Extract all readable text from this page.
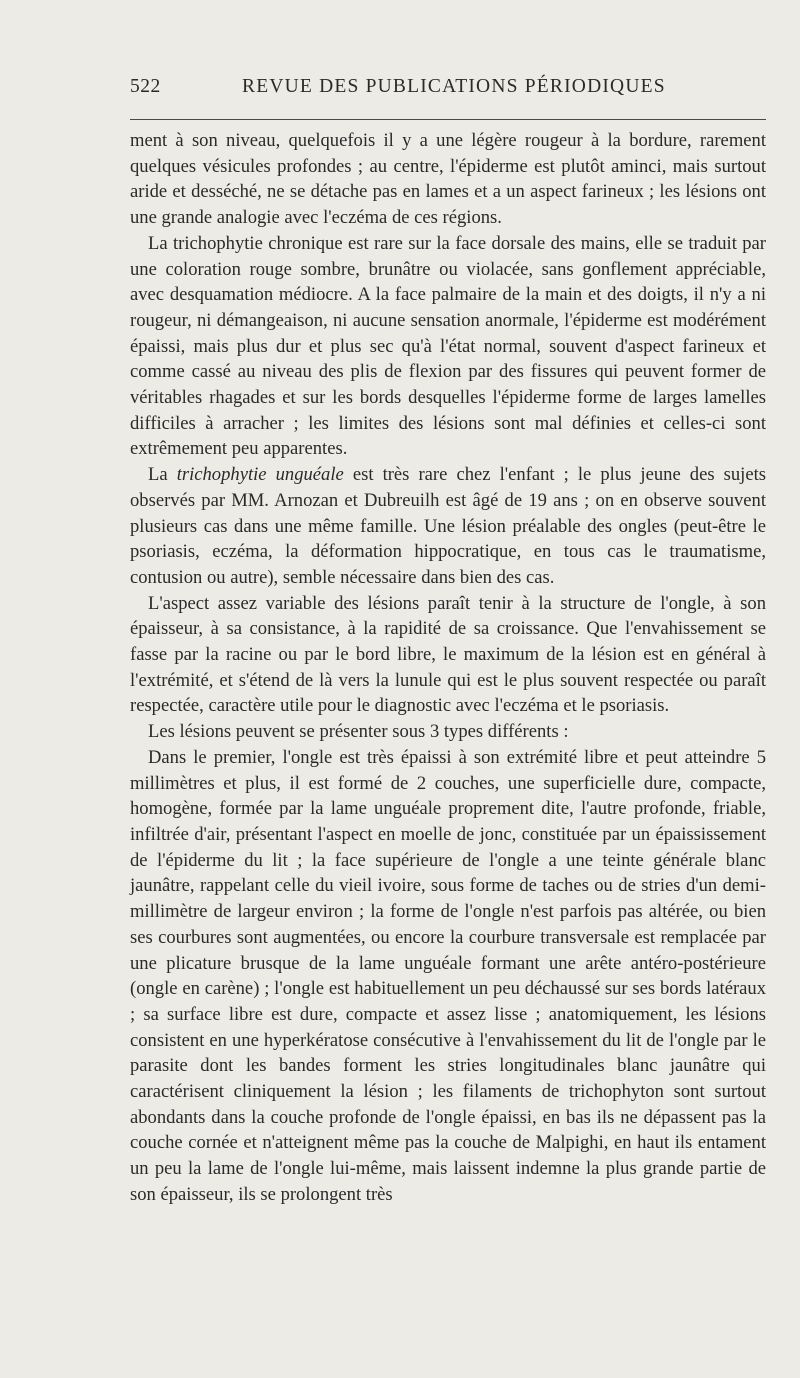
522	REVUE DES PUBLICATIONS PÉRIODIQUES

ment à son niveau, quelquefois il y a une légère rougeur à la bordure, rarement quelques vésicules profondes ; au centre, l'épiderme est plutôt aminci, mais surtout aride et desséché, ne se détache pas en lames et a un aspect farineux ; les lésions ont une grande analogie avec l'eczéma de ces régions.

La trichophytie chronique est rare sur la face dorsale des mains, elle se traduit par une coloration rouge sombre, brunâtre ou violacée, sans gonflement appréciable, avec desquamation médiocre. A la face palmaire de la main et des doigts, il n'y a ni rougeur, ni démangeaison, ni aucune sensation anormale, l'épiderme est modérément épaissi, mais plus dur et plus sec qu'à l'état normal, souvent d'aspect farineux et comme cassé au niveau des plis de flexion par des fissures qui peuvent former de véritables rhagades et sur les bords desquelles l'épiderme forme de larges lamelles difficiles à arracher ; les limites des lésions sont mal définies et celles-ci sont extrêmement peu apparentes.

La trichophytie unguéale est très rare chez l'enfant ; le plus jeune des sujets observés par MM. Arnozan et Dubreuilh est âgé de 19 ans ; on en observe souvent plusieurs cas dans une même famille. Une lésion préalable des ongles (peut-être le psoriasis, eczéma, la déformation hippocratique, en tous cas le traumatisme, contusion ou autre), semble nécessaire dans bien des cas.

L'aspect assez variable des lésions paraît tenir à la structure de l'ongle, à son épaisseur, à sa consistance, à la rapidité de sa croissance. Que l'envahissement se fasse par la racine ou par le bord libre, le maximum de la lésion est en général à l'extrémité, et s'étend de là vers la lunule qui est le plus souvent respectée ou paraît respectée, caractère utile pour le diagnostic avec l'eczéma et le psoriasis.

Les lésions peuvent se présenter sous 3 types différents :

Dans le premier, l'ongle est très épaissi à son extrémité libre et peut atteindre 5 millimètres et plus, il est formé de 2 couches, une superficielle dure, compacte, homogène, formée par la lame unguéale proprement dite, l'autre profonde, friable, infiltrée d'air, présentant l'aspect en moelle de jonc, constituée par un épaississement de l'épiderme du lit ; la face supérieure de l'ongle a une teinte générale blanc jaunâtre, rappelant celle du vieil ivoire, sous forme de taches ou de stries d'un demi-millimètre de largeur environ ; la forme de l'ongle n'est parfois pas altérée, ou bien ses courbures sont augmentées, ou encore la courbure transversale est remplacée par une plicature brusque de la lame unguéale formant une arête antéro-postérieure (ongle en carène) ; l'ongle est habituellement un peu déchaussé sur ses bords latéraux ; sa surface libre est dure, compacte et assez lisse ; anatomiquement, les lésions consistent en une hyperkératose consécutive à l'envahissement du lit de l'ongle par le parasite dont les bandes forment les stries longitudinales blanc jaunâtre qui caractérisent cliniquement la lésion ; les filaments de trichophyton sont surtout abondants dans la couche profonde de l'ongle épaissi, en bas ils ne dépassent pas la couche cornée et n'atteignent même pas la couche de Malpighi, en haut ils entament un peu la lame de l'ongle lui-même, mais laissent indemne la plus grande partie de son épaisseur, ils se prolongent très
